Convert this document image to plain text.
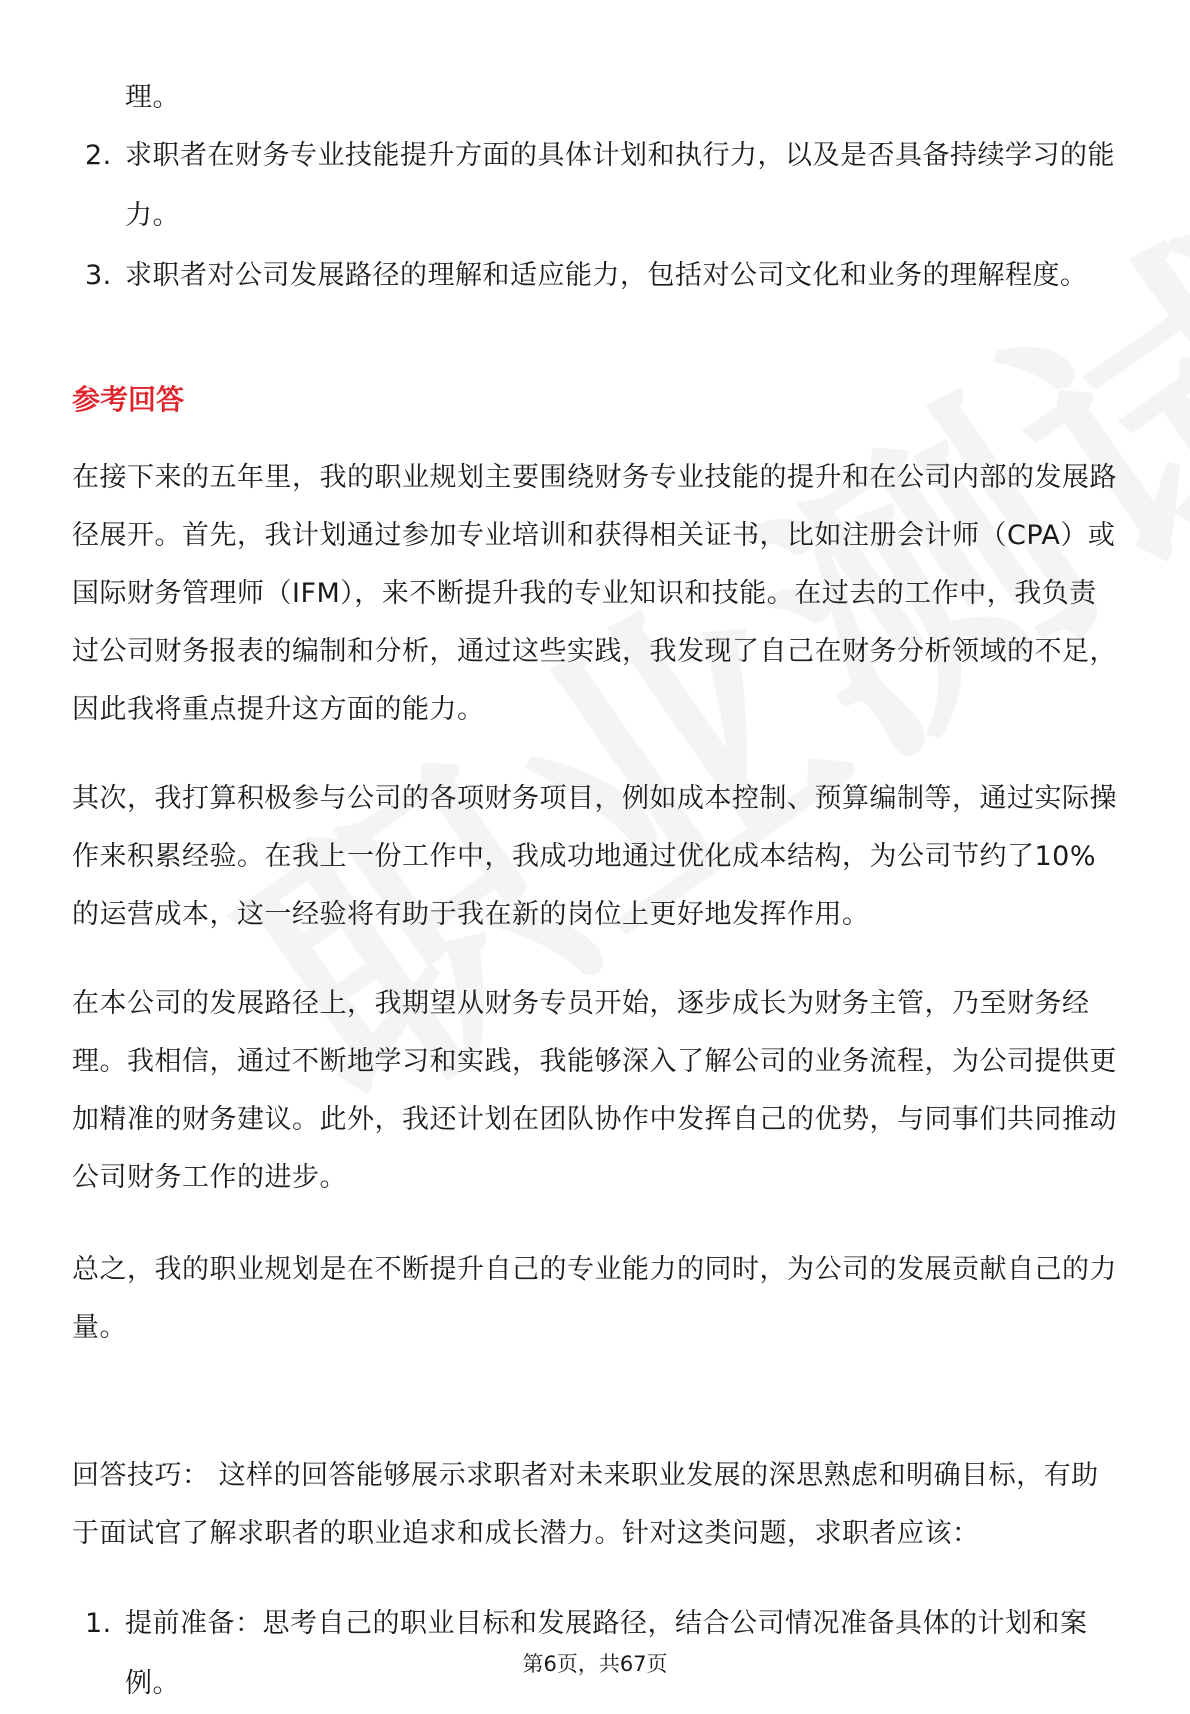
理。
2. 求职者在财务专业技能提升方面的具体计划和执行力，以及是否具备持续学习的能力。
3. 求职者对公司发展路径的理解和适应能力，包括对公司文化和业务的理解程度。
参考回答

在接下来的五年里，我的职业规划主要围绕财务专业技能的提升和在公司内部的发展路径展开。首先，我计划通过参加专业培训和获得相关证书，比如注册会计师（CPA）或国际财务管理师（IFM），来不断提升我的专业知识和技能。在过去的工作中，我负责过公司财务报表的编制和分析，通过这些实践，我发现了自己在财务分析领域的不足，因此我将重点提升这方面的能力。

其次，我打算积极参与公司的各项财务项目，例如成本控制、预算编制等，通过实际操作来积累经验。在我上一份工作中，我成功地通过优化成本结构，为公司节约了10%的运营成本，这一经验将有助于我在新的岗位上更好地发挥作用。

在本公司的发展路径上，我期望从财务专员开始，逐步成长为财务主管，乃至财务经理。我相信，通过不断地学习和实践，我能够深入了解公司的业务流程，为公司提供更加精准的财务建议。此外，我还计划在团队协作中发挥自己的优势，与同事们共同推动公司财务工作的进步。

总之，我的职业规划是在不断提升自己的专业能力的同时，为公司的发展贡献自己的力量。

回答技巧： 这样的回答能够展示求职者对未来职业发展的深思熟虑和明确目标，有助于面试官了解求职者的职业追求和成长潜力。针对这类问题，求职者应该：

1. 提前准备：思考自己的职业目标和发展路径，结合公司情况准备具体的计划和案例。
第6页，共67页
